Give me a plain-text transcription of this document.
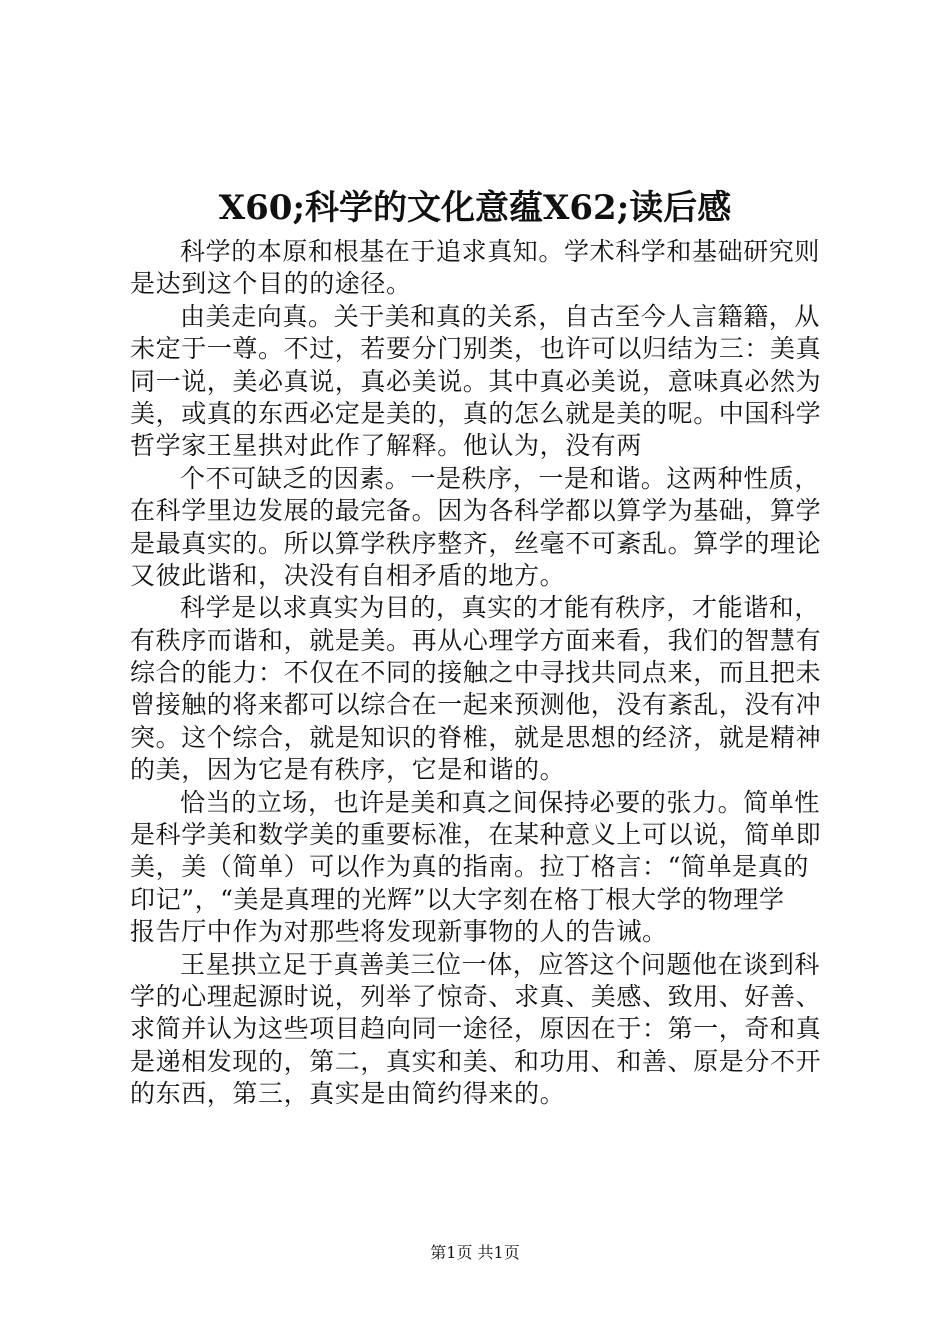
X60;科学的文化意蕴X62;读后感
科学的本原和根基在于追求真知。学术科学和基础研究则
是达到这个目的的途径。
由美走向真。关于美和真的关系，自古至今人言籍籍，从
未定于一尊。不过，若要分门别类，也许可以归结为三：美真
同一说，美必真说，真必美说。其中真必美说，意味真必然为
美，或真的东西必定是美的，真的怎么就是美的呢。中国科学
哲学家王星拱对此作了解释。他认为，没有两
个不可缺乏的因素。一是秩序，一是和谐。这两种性质，
在科学里边发展的最完备。因为各科学都以算学为基础，算学
是最真实的。所以算学秩序整齐，丝毫不可紊乱。算学的理论
又彼此谐和，决没有自相矛盾的地方。
科学是以求真实为目的，真实的才能有秩序，才能谐和，
有秩序而谐和，就是美。再从心理学方面来看，我们的智慧有
综合的能力：不仅在不同的接触之中寻找共同点来，而且把未
曾接触的将来都可以综合在一起来预测他，没有紊乱，没有冲
突。这个综合，就是知识的脊椎，就是思想的经济，就是精神
的美，因为它是有秩序，它是和谐的。
恰当的立场，也许是美和真之间保持必要的张力。简单性
是科学美和数学美的重要标准，在某种意义上可以说，简单即
美，美（简单）可以作为真的指南。拉丁格言：“简单是真的
印记”，“美是真理的光辉”以大字刻在格丁根大学的物理学
报告厅中作为对那些将发现新事物的人的告诫。
王星拱立足于真善美三位一体，应答这个问题他在谈到科
学的心理起源时说，列举了惊奇、求真、美感、致用、好善、
求简并认为这些项目趋向同一途径，原因在于：第一，奇和真
是递相发现的，第二，真实和美、和功用、和善、原是分不开
的东西，第三，真实是由简约得来的。
第1页 共1页
